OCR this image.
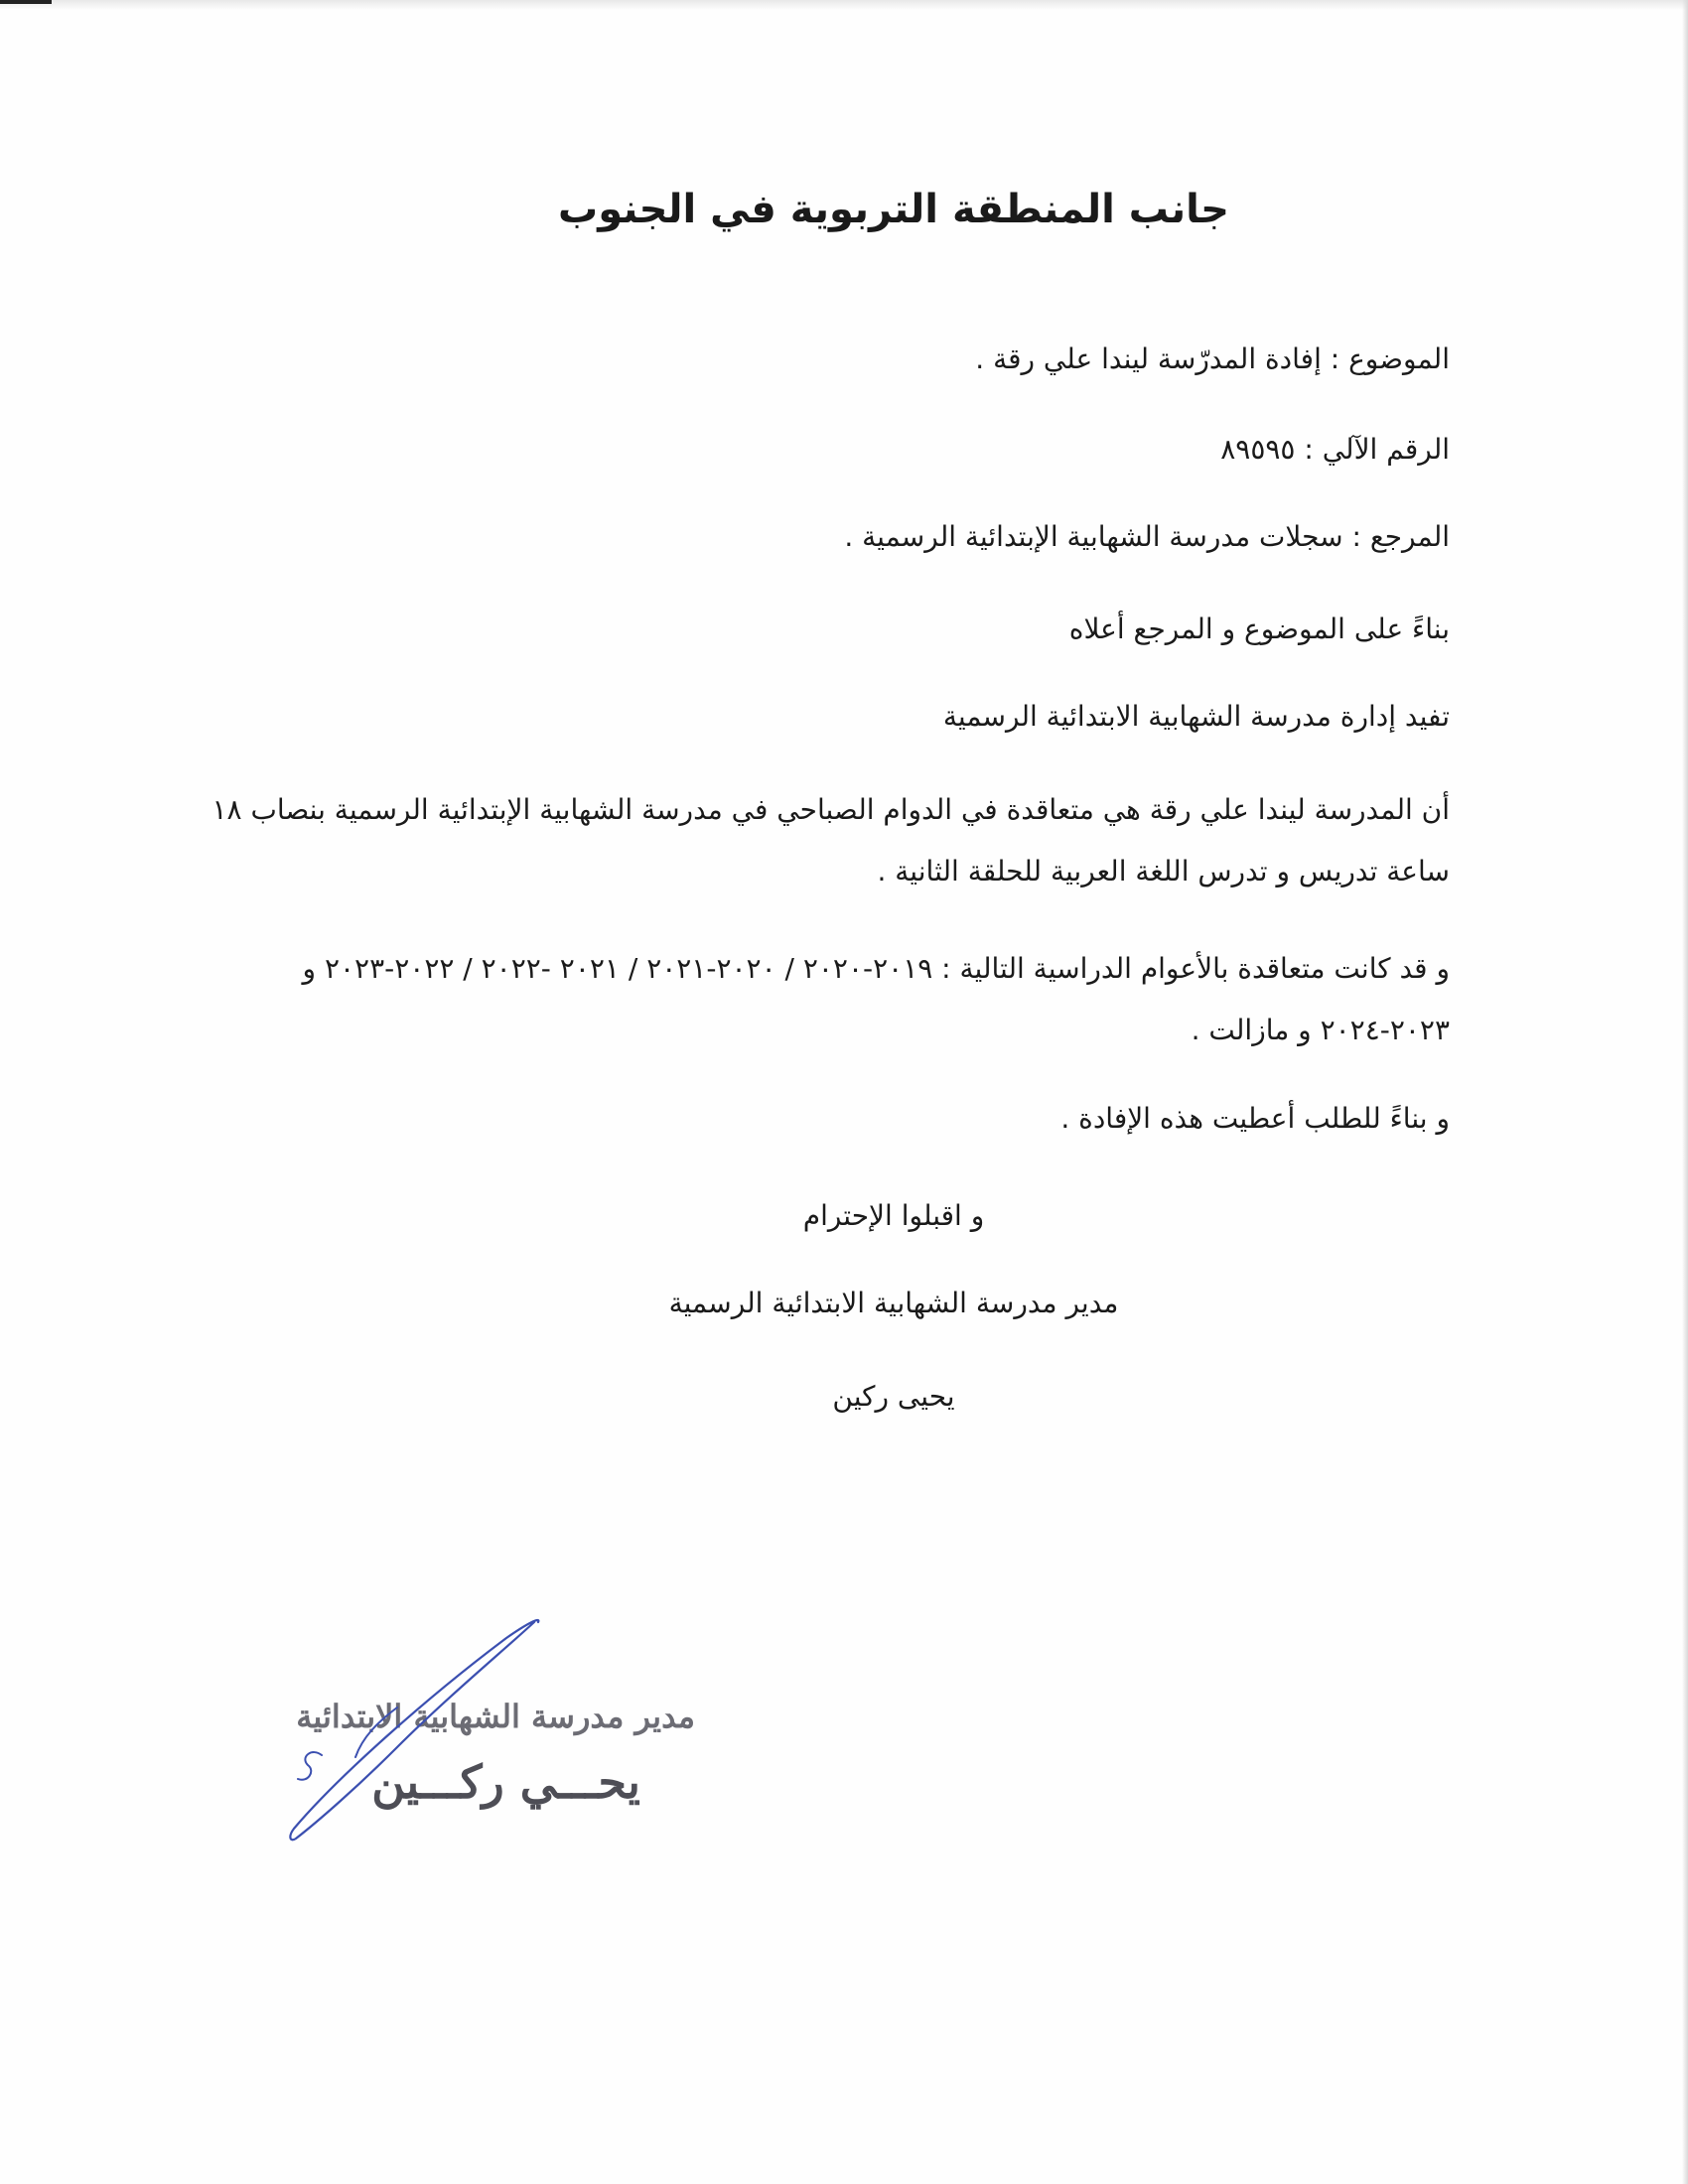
جانب المنطقة التربوية في الجنوب
الموضوع : إفادة المدرّسة ليندا علي رقة .
الرقم الآلي : ٨٩٥٩٥
المرجع : سجلات مدرسة الشهابية الإبتدائية الرسمية .
بناءً على الموضوع و المرجع أعلاه
تفيد إدارة مدرسة الشهابية الابتدائية الرسمية
أن المدرسة ليندا علي رقة هي متعاقدة في الدوام الصباحي في مدرسة الشهابية الإبتدائية الرسمية بنصاب ١٨ ساعة تدريس و تدرس اللغة العربية للحلقة الثانية .
و قد كانت متعاقدة بالأعوام الدراسية التالية : ٢٠١٩-٢٠٢٠ / ٢٠٢٠-٢٠٢١ / ٢٠٢١ -٢٠٢٢ / ٢٠٢٢-٢٠٢٣ و ٢٠٢٣-٢٠٢٤ و مازالت .
و بناءً للطلب أعطيت هذه الإفادة .
و اقبلوا الإحترام
مدير مدرسة الشهابية الابتدائية الرسمية
يحيى ركين
مدير مدرسة الشهابية الابتدائية
يحـــي ركـــين
